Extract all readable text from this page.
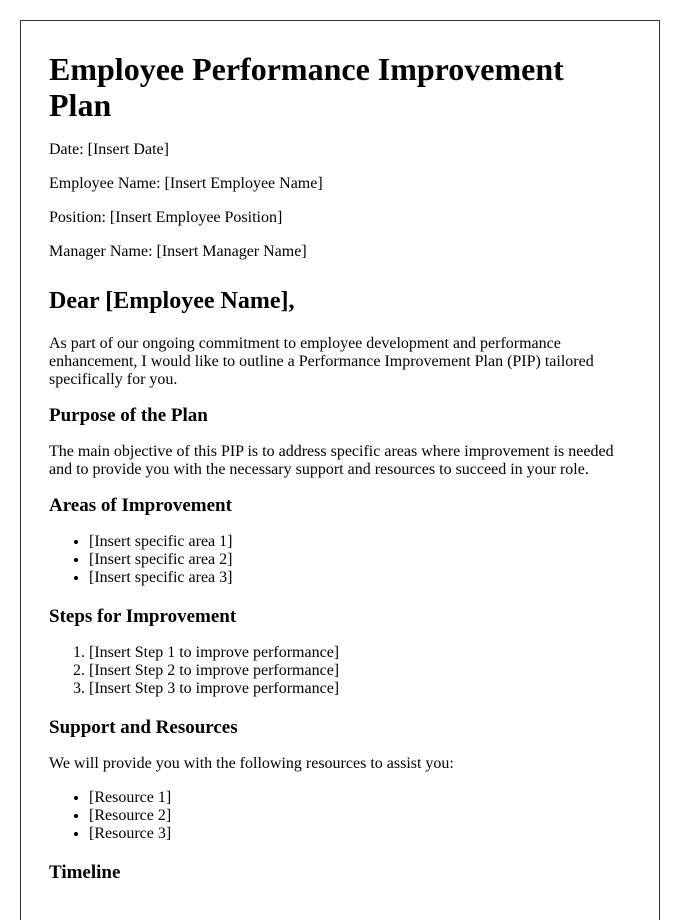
Employee Performance Improvement Plan

Date: [Insert Date]

Employee Name: [Insert Employee Name]

Position: [Insert Employee Position]

Manager Name: [Insert Manager Name]

Dear [Employee Name],

As part of our ongoing commitment to employee development and performance enhancement, I would like to outline a Performance Improvement Plan (PIP) tailored specifically for you.

Purpose of the Plan

The main objective of this PIP is to address specific areas where improvement is needed and to provide you with the necessary support and resources to succeed in your role.

Areas of Improvement
• [Insert specific area 1]
• [Insert specific area 2]
• [Insert specific area 3]
Steps for Improvement
1. [Insert Step 1 to improve performance]
2. [Insert Step 2 to improve performance]
3. [Insert Step 3 to improve performance]
Support and Resources

We will provide you with the following resources to assist you:

• [Resource 1]
• [Resource 2]
• [Resource 3]
Timeline
